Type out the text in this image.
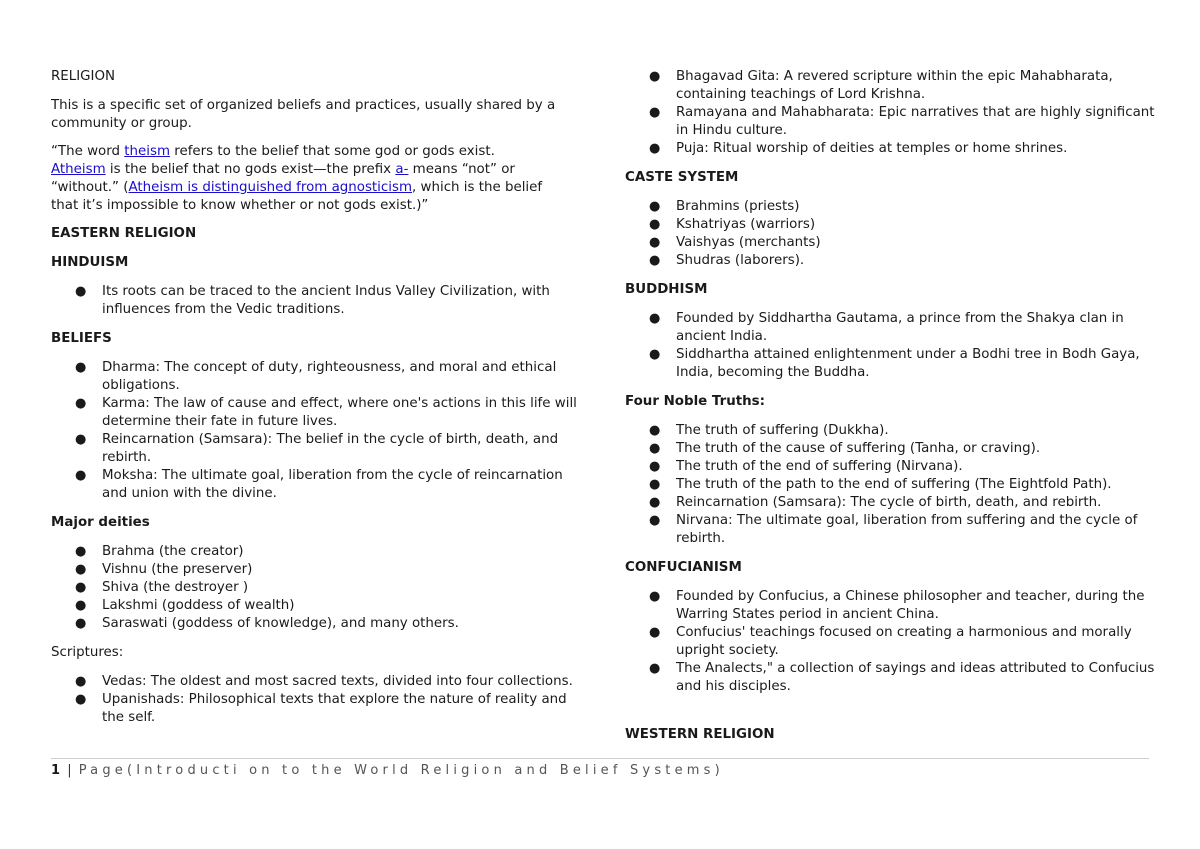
RELIGION

This is a specific set of organized beliefs and practices, usually shared by a community or group.

“The word theism refers to the belief that some god or gods exist. Atheism is the belief that no gods exist—the prefix a- means “not” or “without.” (Atheism is distinguished from agnosticism, which is the belief that it’s impossible to know whether or not gods exist.)”

EASTERN RELIGION

HINDUISM

● Its roots can be traced to the ancient Indus Valley Civilization, with influences from the Vedic traditions.

BELIEFS

● Dharma: The concept of duty, righteousness, and moral and ethical obligations.
● Karma: The law of cause and effect, where one's actions in this life will determine their fate in future lives.
● Reincarnation (Samsara): The belief in the cycle of birth, death, and rebirth.
● Moksha: The ultimate goal, liberation from the cycle of reincarnation and union with the divine.

Major deities

● Brahma (the creator)
● Vishnu (the preserver)
● Shiva (the destroyer )
● Lakshmi (goddess of wealth)
● Saraswati (goddess of knowledge), and many others.

Scriptures:

● Vedas: The oldest and most sacred texts, divided into four collections.
● Upanishads: Philosophical texts that explore the nature of reality and the self.
● Bhagavad Gita: A revered scripture within the epic Mahabharata, containing teachings of Lord Krishna.
● Ramayana and Mahabharata: Epic narratives that are highly significant in Hindu culture.
● Puja: Ritual worship of deities at temples or home shrines.

CASTE SYSTEM

● Brahmins (priests)
● Kshatriyas (warriors)
● Vaishyas (merchants)
● Shudras (laborers).

BUDDHISM

● Founded by Siddhartha Gautama, a prince from the Shakya clan in ancient India.
● Siddhartha attained enlightenment under a Bodhi tree in Bodh Gaya, India, becoming the Buddha.

Four Noble Truths:

● The truth of suffering (Dukkha).
● The truth of the cause of suffering (Tanha, or craving).
● The truth of the end of suffering (Nirvana).
● The truth of the path to the end of suffering (The Eightfold Path).
● Reincarnation (Samsara): The cycle of birth, death, and rebirth.
● Nirvana: The ultimate goal, liberation from suffering and the cycle of rebirth.

CONFUCIANISM

● Founded by Confucius, a Chinese philosopher and teacher, during the Warring States period in ancient China.
● Confucius' teachings focused on creating a harmonious and morally upright society.
● The Analects," a collection of sayings and ideas attributed to Confucius and his disciples.

WESTERN RELIGION

1 | Page(Introducti on to the World Religion and Belief Systems)
